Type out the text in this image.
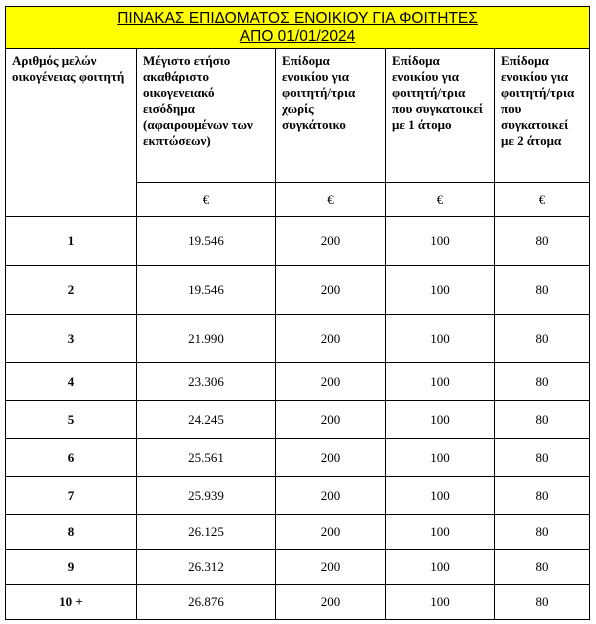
ΠΙΝΑΚΑΣ ΕΠΙΔΟΜΑΤΟΣ ΕΝΟΙΚΙΟΥ ΓΙΑ ΦΟΙΤΗΤΕΣ
ΑΠΟ 01/01/2024				

Αριθμός μελών οικογένειας φοιτητή	Μέγιστο ετήσιο ακαθάριστο οικογενειακό εισόδημα (αφαιρουμένων των εκπτώσεων)	Επίδομα ενοικίου για φοιτητή/τρια χωρίς συγκάτοικο	Επίδομα ενοικίου για φοιτητή/τρια που συγκατοικεί με 1 άτομο	Επίδομα ενοικίου για φοιτητή/τρια που συγκατοικεί με 2 άτομα
	€	€	€	€
1	19.546	200	100	80
2	19.546	200	100	80
3	21.990	200	100	80
4	23.306	200	100	80
5	24.245	200	100	80
6	25.561	200	100	80
7	25.939	200	100	80
8	26.125	200	100	80
9	26.312	200	100	80
10 +	26.876	200	100	80
